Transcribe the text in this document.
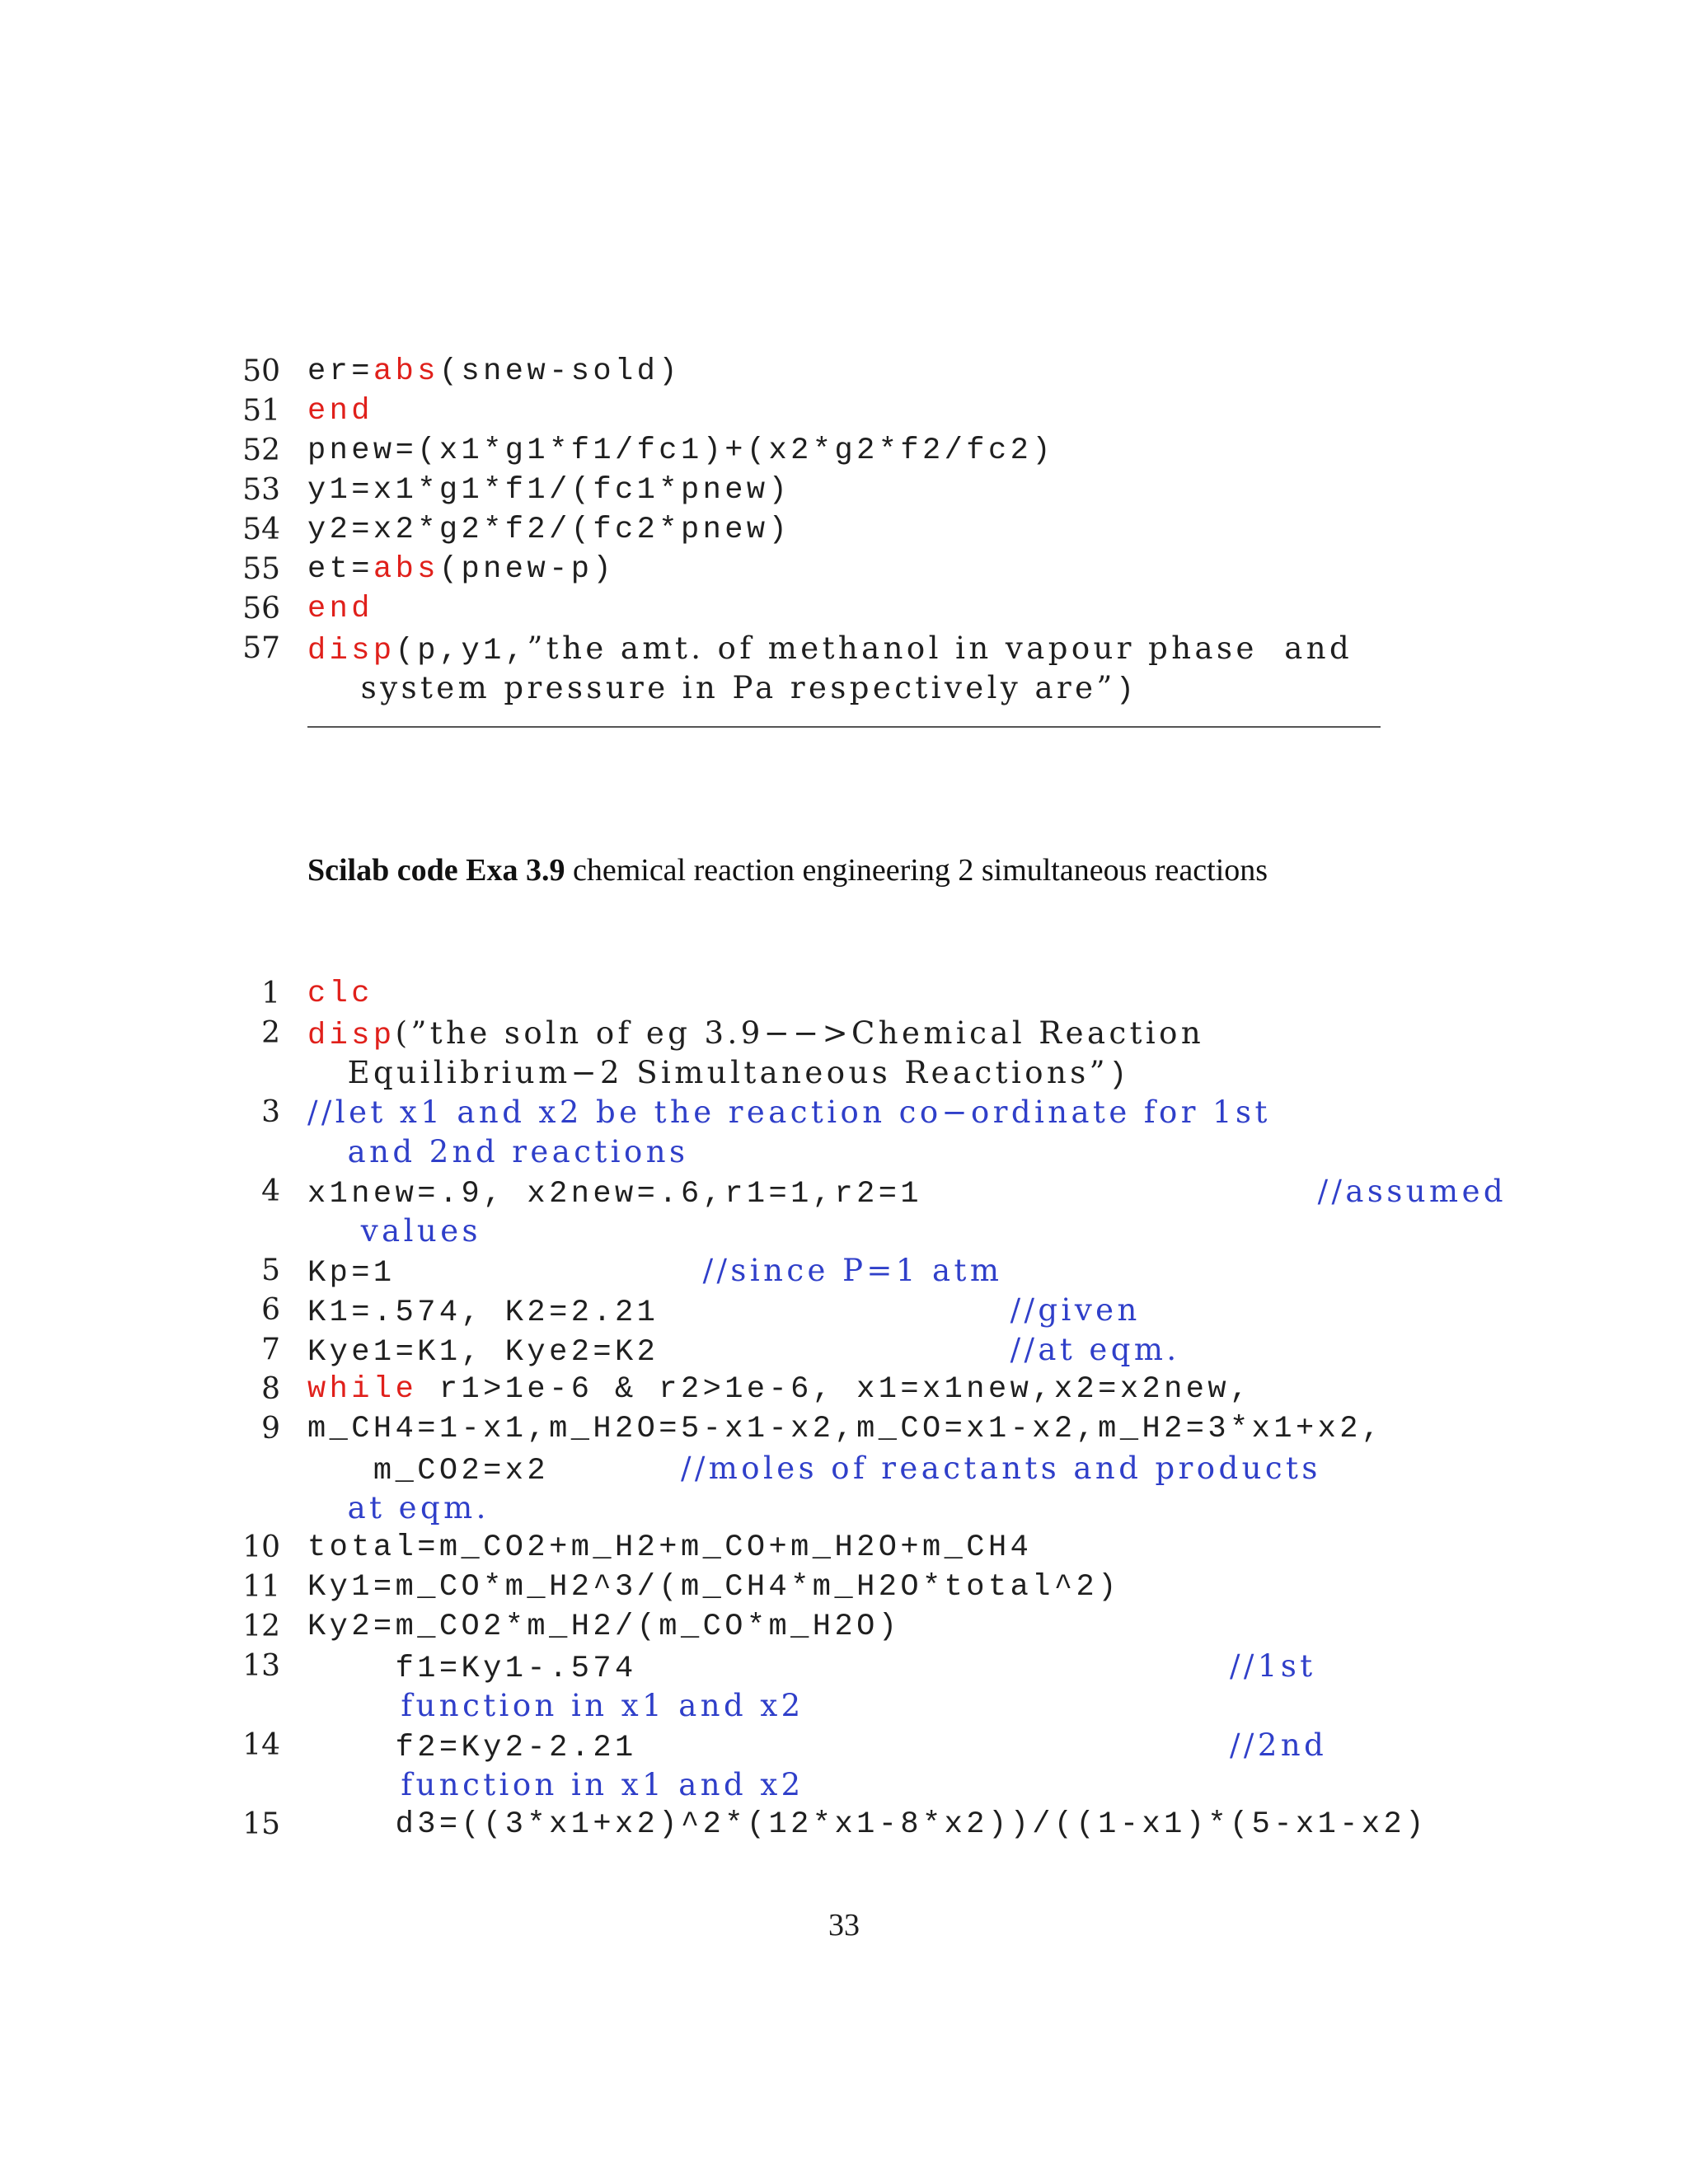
50 er=abs(snew-sold)
51 end
52 pnew=(x1*g1*f1/fc1)+(x2*g2*f2/fc2)
53 y1=x1*g1*f1/(fc1*pnew)
54 y2=x2*g2*f2/(fc2*pnew)
55 et=abs(pnew-p)
56 end
57 disp(p,y1,”the amt. of methanol in vapour phase  and
system pressure in Pa respectively are”)
Scilab code Exa 3.9 chemical reaction engineering 2 simultaneous reactions
1 clc
2 disp(”the soln of eg 3.9−−>Chemical Reaction
Equilibrium−2 Simultaneous Reactions”)
3 //let x1 and x2 be the reaction co−ordinate for 1st
and 2nd reactions
4 x1new=.9, x2new=.6,r1=1,r2=1                  //assumed
values
5 Kp=1              //since P=1 atm
6 K1=.574, K2=2.21                //given
7 Kye1=K1, Kye2=K2                //at eqm.
8 while r1>1e-6 & r2>1e-6, x1=x1new,x2=x2new,
9 m_CH4=1-x1,m_H2O=5-x1-x2,m_CO=x1-x2,m_H2=3*x1+x2,
m_CO2=x2      //moles of reactants and products
at eqm.
10 total=m_CO2+m_H2+m_CO+m_H2O+m_CH4
11 Ky1=m_CO*m_H2^3/(m_CH4*m_H2O*total^2)
12 Ky2=m_CO2*m_H2/(m_CO*m_H2O)
13 f1=Ky1-.574                           //1st
function in x1 and x2
14 f2=Ky2-2.21                           //2nd
function in x1 and x2
15 d3=((3*x1+x2)^2*(12*x1-8*x2))/((1-x1)*(5-x1-x2)
33
